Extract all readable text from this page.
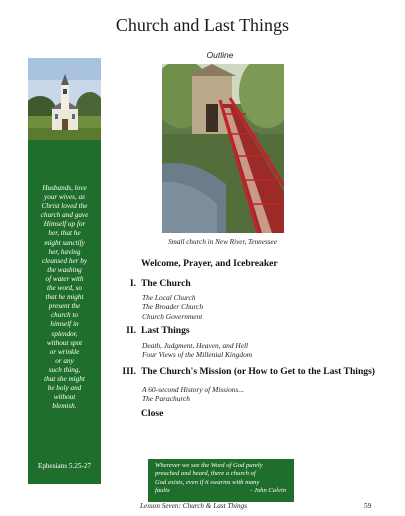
Church and Last Things
Husbands, love
your wives, as
Christ loved the
church and gave
Himself up for
her, that he
might sanctify
her, having
cleansed her by
the washing
of water with
the word, so
that he might
present the
church to
himself in
splendor,
without spot
or wrinkle
or any
such thing,
that she might
be holy and
without
blemish.
Ephesians 5.25-27
Outline
Small church in New River, Tennessee
Welcome, Prayer, and Icebreaker
I. The Church
The Local Church
The Broader Church
Church Government
II. Last Things
Death, Judgment, Heaven, and Hell
Four Views of the Millenial Kingdom
III. The Church's Mission (or How to Get to the Last Things)
A 60-second History of Missions...
The Parachurch
Close
Wherever we see the Word of God purely
preached and heard, there a church of
God exists, even if it swarms with many
faults	- John Calvin
Lesson Seven: Church & Last Things	59
